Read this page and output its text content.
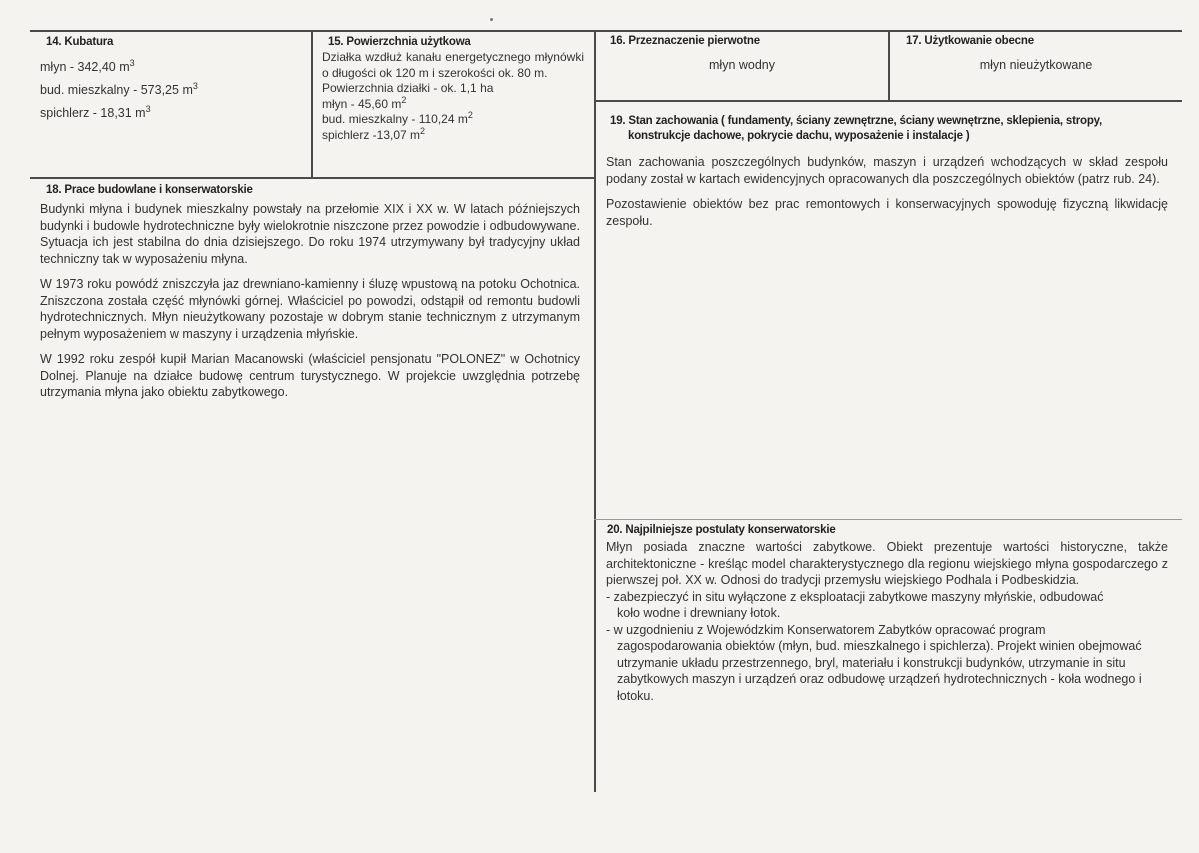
14. Kubatura
młyn - 342,40 $m^3$
bud. mieszkalny - 573,25 $m^3$
spichlerz - 18,31 $m^3$
15. Powierzchnia użytkowa
Działka wzdłuż kanału energetycznego młynówki o długości ok 120 m i szerokości ok. 80 m.
Powierzchnia działki - ok. 1,1 ha
młyn - 45,60 $m^2$
bud. mieszkalny - 110,24 $m^2$
spichlerz -13,07 $m^2$
16. Przeznaczenie pierwotne
młyn wodny
17. Użytkowanie obecne
młyn nieużytkowane
18. Prace budowlane i konserwatorskie

Budynki młyna i budynek mieszkalny powstały na przełomie XIX i XX w. W latach późniejszych budynki i budowle hydrotechniczne były wielokrotnie niszczone przez powodzie i odbudowywane. Sytuacja ich jest stabilna do dnia dzisiejszego. Do roku 1974 utrzymywany był tradycyjny układ techniczny tak w wyposażeniu młyna.

W 1973 roku powódź zniszczyła jaz drewniano-kamienny i śluzę wpustową na potoku Ochotnica. Zniszczona została część młynówki górnej. Właściciel po powodzi, odstąpił od remontu budowli hydrotechnicznych. Młyn nieużytkowany pozostaje w dobrym stanie technicznym z utrzymanym pełnym wyposażeniem w maszyny i urządzenia młyńskie.

W 1992 roku zespół kupił Marian Macanowski (właściciel pensjonatu "POLONEZ" w Ochotnicy Dolnej. Planuje na działce budowę centrum turystycznego. W projekcie uwzględnia potrzebę utrzymania młyna jako obiektu zabytkowego.

19. Stan zachowania ( fundamenty, ściany zewnętrzne, ściany wewnętrzne, sklepienia, stropy,
konstrukcje dachowe, pokrycie dachu, wyposażenie i instalacje )

Stan zachowania poszczególnych budynków, maszyn i urządzeń wchodzących w skład zespołu podany został w kartach ewidencyjnych opracowanych dla poszczególnych obiektów (patrz rub. 24).

Pozostawienie obiektów bez prac remontowych i konserwacyjnych spowoduję fizyczną likwidację zespołu.

20. Najpilniejsze postulaty konserwatorskie

Młyn posiada znaczne wartości zabytkowe. Obiekt prezentuje wartości historyczne, także architektoniczne - kreśląc model charakterystycznego dla regionu wiejskiego młyna gospodarczego z pierwszej poł. XX w. Odnosi do tradycji przemysłu wiejskiego Podhala i Podbeskidzia.

- zabezpieczyć in situ wyłączone z eksploatacji zabytkowe maszyny młyńskie, odbudować
koło wodne i drewniany łotok.
- w uzgodnieniu z Wojewódzkim Konserwatorem Zabytków opracować program
zagospodarowania obiektów (młyn, bud. mieszkalnego i spichlerza). Projekt winien obejmować utrzymanie układu przestrzennego, bryl, materiału i konstrukcji budynków, utrzymanie in situ zabytkowych maszyn i urządzeń oraz odbudowę urządzeń hydrotechnicznych - koła wodnego i łotoku.
